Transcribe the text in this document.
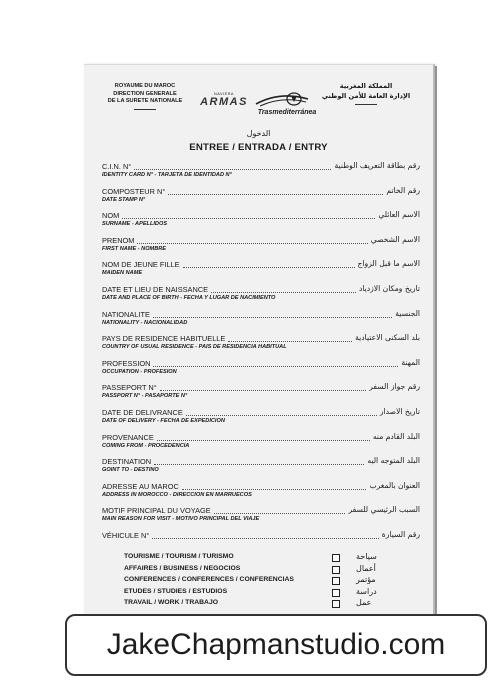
ROYAUME DU MAROC
DIRECTION GENERALE
DE LA SURETE NATIONALE
NAVIERA
ARMAS
Trasmediterránea
المملكة المغربية
الإدارة العامة للأمن الوطني
الدخول
ENTREE / ENTRADA / ENTRY
C.I.N. N°	رقم بطاقة التعريف الوطنية
IDENTITY CARD N° - TARJETA DE IDENTIDAD N°
COMPOSTEUR N°	رقم الخاتم
DATE STAMP N°
NOM	الاسم العائلي
SURNAME - APELLIDOS
PRENOM	الاسم الشخصي
FIRST NAME - NOMBRE
NOM DE JEUNE FILLE	الاسم ما قبل الزواج
MAIDEN NAME
DATE ET LIEU DE NAISSANCE	تاريخ ومكان الازدياد
DATE AND PLACE OF BIRTH - FECHA Y LUGAR DE NACIMIENTO
NATIONALITE	الجنسية
NATIONALITY - NACIONALIDAD
PAYS DE RESIDENCE HABITUELLE	بلد السكنى الاعتيادية
COUNTRY OF USUAL RESIDENCE - PAIS DE RESIDENCIA HABITUAL
PROFESSION	المهنة
OCCUPATION - PROFESION
PASSEPORT N°	رقم جواز السفر
PASSPORT N° - PASAPORTE N°
DATE DE DELIVRANCE	تاريخ الاصدار
DATE OF DELIVERY - FECHA DE EXPEDICION
PROVENANCE	البلد القادم منه
COMING FROM - PROCEDENCIA
DESTINATION	البلد المتوجه اليه
GOINT TO - DESTINO
ADRESSE AU MAROC	العنوان بالمغرب
ADDRESS IN MOROCCO - DIRECCION EN MARRUECOS
MOTIF PRINCIPAL DU VOYAGE	السبب الرئيسي للسفر
MAIN REASON FOR VISIT - MOTIVO PRINCIPAL DEL VIAJE
VÉHICULE N°	رقم السيارة
TOURISME / TOURISM / TURISMO	سياحة
AFFAIRES / BUSINESS / NEGOCIOS	أعمال
CONFERENCES / CONFERENCES / CONFERENCIAS	مؤتمر
ETUDES / STUDIES / ESTUDIOS	دراسة
TRAVAIL / WORK / TRABAJO	عمل
JakeChapmanstudio.com
